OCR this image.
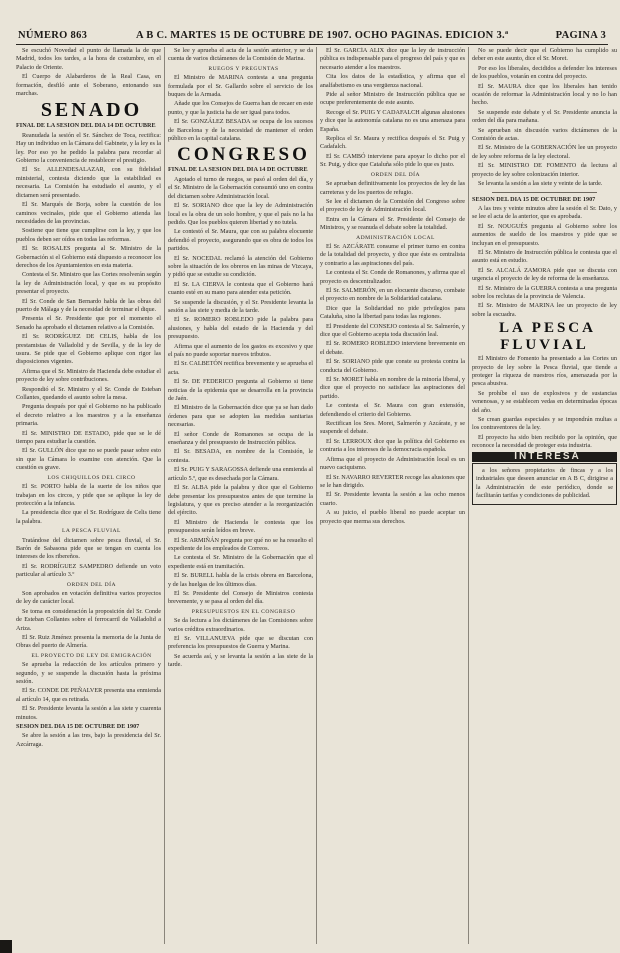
NÚMERO 863	A B C. MARTES 15 DE OCTUBRE DE 1907. OCHO PAGINAS. EDICION 3.ª	PAGINA 3

Se escuchó Novedad el punto de llamada la de que Madrid, todos los tardes, a la hora de costumbre, en el Palacio de Oriente.

El Cuerpo de Alabarderos de la Real Casa, en formación, desfiló ante el Soberano, entonando sus marchas.

SENADO

FINAL DE LA SESION DEL DIA 14 DE OCTUBRE

Reanudada la sesión el Sr. Sánchez de Toca, rectifica: Hay un individuo en la Cámara del Gabinete, y la ley es la ley. Por eso yo he pedido la palabra para recordar al Gobierno la conveniencia de restablecer el prestigio.

El Sr. ALLENDESALAZAR, con su fidelidad ministerial, contesta diciendo que la estabilidad es necesaria. La Comisión ha estudiado el asunto, y el dictamen será presentado.

El Sr. Marqués de Borja, sobre la cuestión de los caminos vecinales, pide que el Gobierno atienda las necesidades de las provincias.

Sostiene que tiene que cumplirse con la ley, y que los pueblos deben ser oídos en todas las reformas.

El Sr. ROSALES pregunta al Sr. Ministro de la Gobernación si el Gobierno está dispuesto a reconocer los derechos de los Ayuntamientos en esta materia.

Contesta el Sr. Ministro que las Cortes resolverán según la ley de Administración local, y que es su propósito presentar el proyecto.

El Sr. Conde de San Bernardo habla de las obras del puerto de Málaga y de la necesidad de terminar el dique.

Presenta el Sr. Presidente que por el momento el Senado ha aprobado el dictamen relativo a la Comisión.

El Sr. RODRÍGUEZ DE CELIS, habla de los prestamistas de Valladolid y de Sevilla, y de la ley de usura. Se pide que el Gobierno aplique con rigor las disposiciones vigentes.

Afirma que el Sr. Ministro de Hacienda debe estudiar el proyecto de ley sobre contribuciones.

Respondió el Sr. Ministro y el Sr. Conde de Esteban Collantes, quedando el asunto sobre la mesa.

Pregunta después por qué el Gobierno no ha publicado el decreto relativo a los maestros y a la enseñanza primaria.

El Sr. MINISTRO DE ESTADO, pide que se le dé tiempo para estudiar la cuestión.

El Sr. GULLÓN dice que no se puede pasar sobre esto sin que la Cámara lo examine con atención. Que la cuestión es grave.

LOS CHIQUILLOS DEL CIRCO

El Sr. PORTO habla de la suerte de los niños que trabajan en los circos, y pide que se aplique la ley de protección a la infancia.

La presidencia dice que el Sr. Rodríguez de Celis tiene la palabra.

LA PESCA FLUVIAL

Tratándose del dictamen sobre pesca fluvial, el Sr. Barón de Sabasona pide que se tengan en cuenta los intereses de los ribereños.

El Sr. RODRÍGUEZ SAMPEDRO defiende un voto particular al artículo 3.º

ORDEN DEL DÍA

Son aprobados en votación definitiva varios proyectos de ley de carácter local.

Se toma en consideración la proposición del Sr. Conde de Esteban Collantes sobre el ferrocarril de Valladolid a Ariza.

El Sr. Ruiz Jiménez presenta la memoria de la Junta de Obras del puerto de Almería.

EL PROYECTO DE LEY DE EMIGRACIÓN

Se aprueba la redacción de los artículos primero y segundo, y se suspende la discusión hasta la próxima sesión.

El Sr. CONDE DE PEÑALVER presenta una enmienda al artículo 14, que es retirada.

El Sr. Presidente levanta la sesión a las siete y cuarenta minutos.

SESION DEL DIA 15 DE OCTUBRE DE 1907

Se abre la sesión a las tres, bajo la presidencia del Sr. Azcárraga.

Se lee y aprueba el acta de la sesión anterior, y se da cuenta de varios dictámenes de la Comisión de Marina.

RUEGOS Y PREGUNTAS

El Ministro de MARINA contesta a una pregunta formulada por el Sr. Gallardo sobre el servicio de los buques de la Armada.

Añade que los Consejos de Guerra han de recaer en este punto, y que la justicia ha de ser igual para todos.

El Sr. GONZÁLEZ BESADA se ocupa de los sucesos de Barcelona y de la necesidad de mantener el orden público en la capital catalana.

CONGRESO

FINAL DE LA SESION DEL DIA 14 DE OCTUBRE

Agotado el turno de ruegos, se pasó al orden del día, y el Sr. Ministro de la Gobernación consumió uno en contra del dictamen sobre Administración local.

El Sr. SORIANO dice que la ley de Administración local es la obra de un solo hombre, y que el país no la ha pedido. Que los pueblos quieren libertad y no tutela.

Le contestó el Sr. Maura, que con su palabra elocuente defendió el proyecto, asegurando que es obra de todos los partidos.

El Sr. NOCEDAL reclamó la atención del Gobierno sobre la situación de los obreros en las minas de Vizcaya, y pidió que se estudie su condición.

El Sr. LA CIERVA le contesta que el Gobierno hará cuanto esté en su mano para atender esta petición.

Se suspende la discusión, y el Sr. Presidente levanta la sesión a las siete y media de la tarde.

El Sr. ROMERO ROBLEDO pide la palabra para alusiones, y habla del estado de la Hacienda y del presupuesto.

Afirma que el aumento de los gastos es excesivo y que el país no puede soportar nuevos tributos.

El Sr. CALBETÓN rectifica brevemente y se aprueba el acta.

El Sr. DE FEDERICO pregunta al Gobierno si tiene noticias de la epidemia que se desarrolla en la provincia de Jaén.

El Ministro de la Gobernación dice que ya se han dado órdenes para que se adopten las medidas sanitarias necesarias.

El señor Conde de Romanones se ocupa de la enseñanza y del presupuesto de Instrucción pública.

El Sr. BESADA, en nombre de la Comisión, le contesta.

El Sr. PUIG Y SARAGOSSA defiende una enmienda al artículo 5.º, que es desechada por la Cámara.

El Sr. ALBA pide la palabra y dice que el Gobierno debe presentar los presupuestos antes de que termine la legislatura, y que es preciso atender a la reorganización del ejército.

El Ministro de Hacienda le contesta que los presupuestos serán leídos en breve.

El Sr. ARMIÑÁN pregunta por qué no se ha resuelto el expediente de los empleados de Correos.

Le contesta el Sr. Ministro de la Gobernación que el expediente está en tramitación.

El Sr. BURELL habla de la crisis obrera en Barcelona, y de las huelgas de los últimos días.

El Sr. Presidente del Consejo de Ministros contesta brevemente, y se pasa al orden del día.

PRESUPUESTOS EN EL CONGRESO

Se da lectura a los dictámenes de las Comisiones sobre varios créditos extraordinarios.

El Sr. VILLANUEVA pide que se discutan con preferencia los presupuestos de Guerra y Marina.

Se acuerda así, y se levanta la sesión a las siete de la tarde.

El Sr. GARCÍA ALIX dice que la ley de instrucción pública es indispensable para el progreso del país y que es necesario atender a los maestros.

Cita los datos de la estadística, y afirma que el analfabetismo es una vergüenza nacional.

Pide al señor Ministro de Instrucción pública que se ocupe preferentemente de este asunto.

Recoge el Sr. PUIG Y CADAFALCH algunas alusiones y dice que la autonomía catalana no es una amenaza para España.

Replica el Sr. Maura y rectifica después el Sr. Puig y Cadafalch.

El Sr. CAMBÓ interviene para apoyar lo dicho por el Sr. Puig, y dice que Cataluña sólo pide lo que es justo.

ORDEN DEL DÍA

Se aprueban definitivamente los proyectos de ley de las carreteras y de los puertos de refugio.

Se lee el dictamen de la Comisión del Congreso sobre el proyecto de ley de Administración local.

Entra en la Cámara el Sr. Presidente del Consejo de Ministros, y se reanuda el debate sobre la totalidad.

ADMINISTRACIÓN LOCAL

El Sr. AZCÁRATE consume el primer turno en contra de la totalidad del proyecto, y dice que éste es centralista y contrario a las aspiraciones del país.

Le contesta el Sr. Conde de Romanones, y afirma que el proyecto es descentralizador.

El Sr. SALMERÓN, en un elocuente discurso, combate el proyecto en nombre de la Solidaridad catalana.

Dice que la Solidaridad no pide privilegios para Cataluña, sino la libertad para todas las regiones.

El Presidente del CONSEJO contesta al Sr. Salmerón, y dice que el Gobierno acepta toda discusión leal.

El Sr. ROMERO ROBLEDO interviene brevemente en el debate.

El Sr. SORIANO pide que conste su protesta contra la conducta del Gobierno.

El Sr. MORET habla en nombre de la minoría liberal, y dice que el proyecto no satisface las aspiraciones del partido.

Le contesta el Sr. Maura con gran extensión, defendiendo el criterio del Gobierno.

Rectifican los Sres. Moret, Salmerón y Azcárate, y se suspende el debate.

El Sr. LERROUX dice que la política del Gobierno es contraria a los intereses de la democracia española.

Afirma que el proyecto de Administración local es un nuevo caciquismo.

El Sr. NAVARRO REVERTER recoge las alusiones que se le han dirigido.

El Sr. Presidente levanta la sesión a las ocho menos cuarto.

A su juicio, el pueblo liberal no puede aceptar un proyecto que merma sus derechos.

No se puede decir que el Gobierno ha cumplido su deber en este asunto, dice el Sr. Moret.

Por eso los liberales, decididos a defender los intereses de los pueblos, votarán en contra del proyecto.

El Sr. MAURA dice que los liberales han tenido ocasión de reformar la Administración local y no lo han hecho.

Se suspende este debate y el Sr. Presidente anuncia la orden del día para mañana.

Se aprueban sin discusión varios dictámenes de la Comisión de actas.

El Sr. Ministro de la GOBERNACIÓN lee un proyecto de ley sobre reforma de la ley electoral.

El Sr. MINISTRO DE FOMENTO da lectura al proyecto de ley sobre colonización interior.

Se levanta la sesión a las siete y veinte de la tarde.

SESION DEL DIA 15 DE OCTUBRE DE 1907

A las tres y veinte minutos abre la sesión el Sr. Dato, y se lee el acta de la anterior, que es aprobada.

El Sr. NOUGUÉS pregunta al Gobierno sobre los aumentos de sueldo de los maestros y pide que se incluyan en el presupuesto.

El Sr. Ministro de Instrucción pública le contesta que el asunto está en estudio.

El Sr. ALCALÁ ZAMORA pide que se discuta con urgencia el proyecto de ley de reforma de la enseñanza.

El Sr. Ministro de la GUERRA contesta a una pregunta sobre los reclutas de la provincia de Valencia.

El Sr. Ministro de MARINA lee un proyecto de ley sobre la escuadra.

LA PESCA FLUVIAL

El Ministro de Fomento ha presentado a las Cortes un proyecto de ley sobre la Pesca fluvial, que tiende a proteger la riqueza de nuestros ríos, amenazada por la pesca abusiva.

Se prohíbe el uso de explosivos y de sustancias venenosas, y se establecen vedas en determinadas épocas del año.

Se crean guardas especiales y se impondrán multas a los contraventores de la ley.

El proyecto ha sido bien recibido por la opinión, que reconoce la necesidad de proteger esta industria.

INTERESA

a los señores propietarios de fincas y a los industriales que deseen anunciar en A B C, dirigirse a la Administración de este periódico, donde se facilitarán tarifas y condiciones de publicidad.
